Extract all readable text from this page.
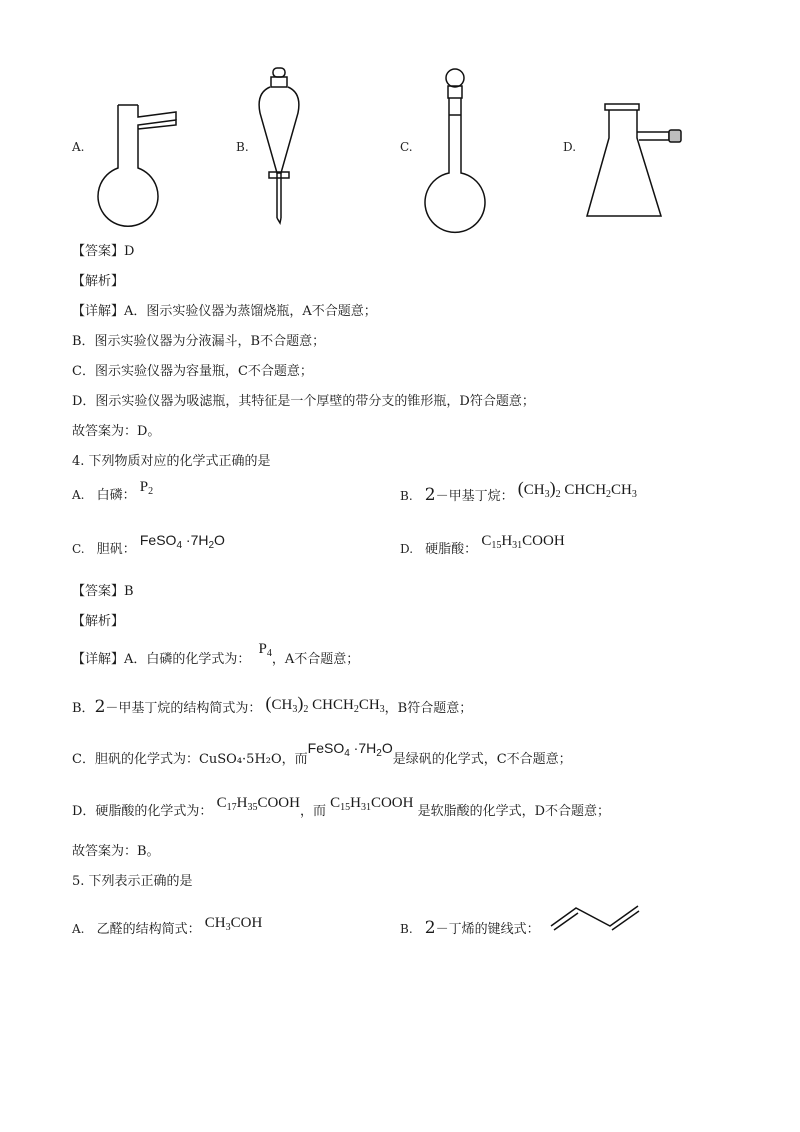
A.	B.	C.	D.
【答案】D
【解析】
【详解】A．图示实验仪器为蒸馏烧瓶，A不合题意；
B．图示实验仪器为分液漏斗，B不合题意；
C．图示实验仪器为容量瓶，C不合题意；
D．图示实验仪器为吸滤瓶，其特征是一个厚壁的带分支的锥形瓶，D符合题意；
故答案为：D。
4. 下列物质对应的化学式正确的是
A. 白磷： $P_2$	B. 2－甲基丁烷： $(CH_3)_2$ $CHCH_2CH_3$
C. 胆矾： FeSO$_4$ $\cdot 7H_2O$
D. 硬脂酸： $C_{15}H_{31}COOH$
【答案】B
【解析】
【详解】A．白磷的化学式为： $P_4$，A不合题意；
B．2－甲基丁烷的结构简式为： $(CH_3)_2$ $CHCH_2CH_3$，B符合题意；
C．胆矾的化学式为：CuSO₄·5H₂O，而FeSO$_4$ $\cdot 7H_2O$是绿矾的化学式，C不合题意；
D．硬脂酸的化学式为： $C_{17}H_{35}COOH$，而 $C_{15}H_{31}COOH$ 是软脂酸的化学式，D不合题意；
故答案为：B。
5. 下列表示正确的是
A. 乙醛的结构简式： $CH_3COH$	B. 2－丁烯的键线式：
